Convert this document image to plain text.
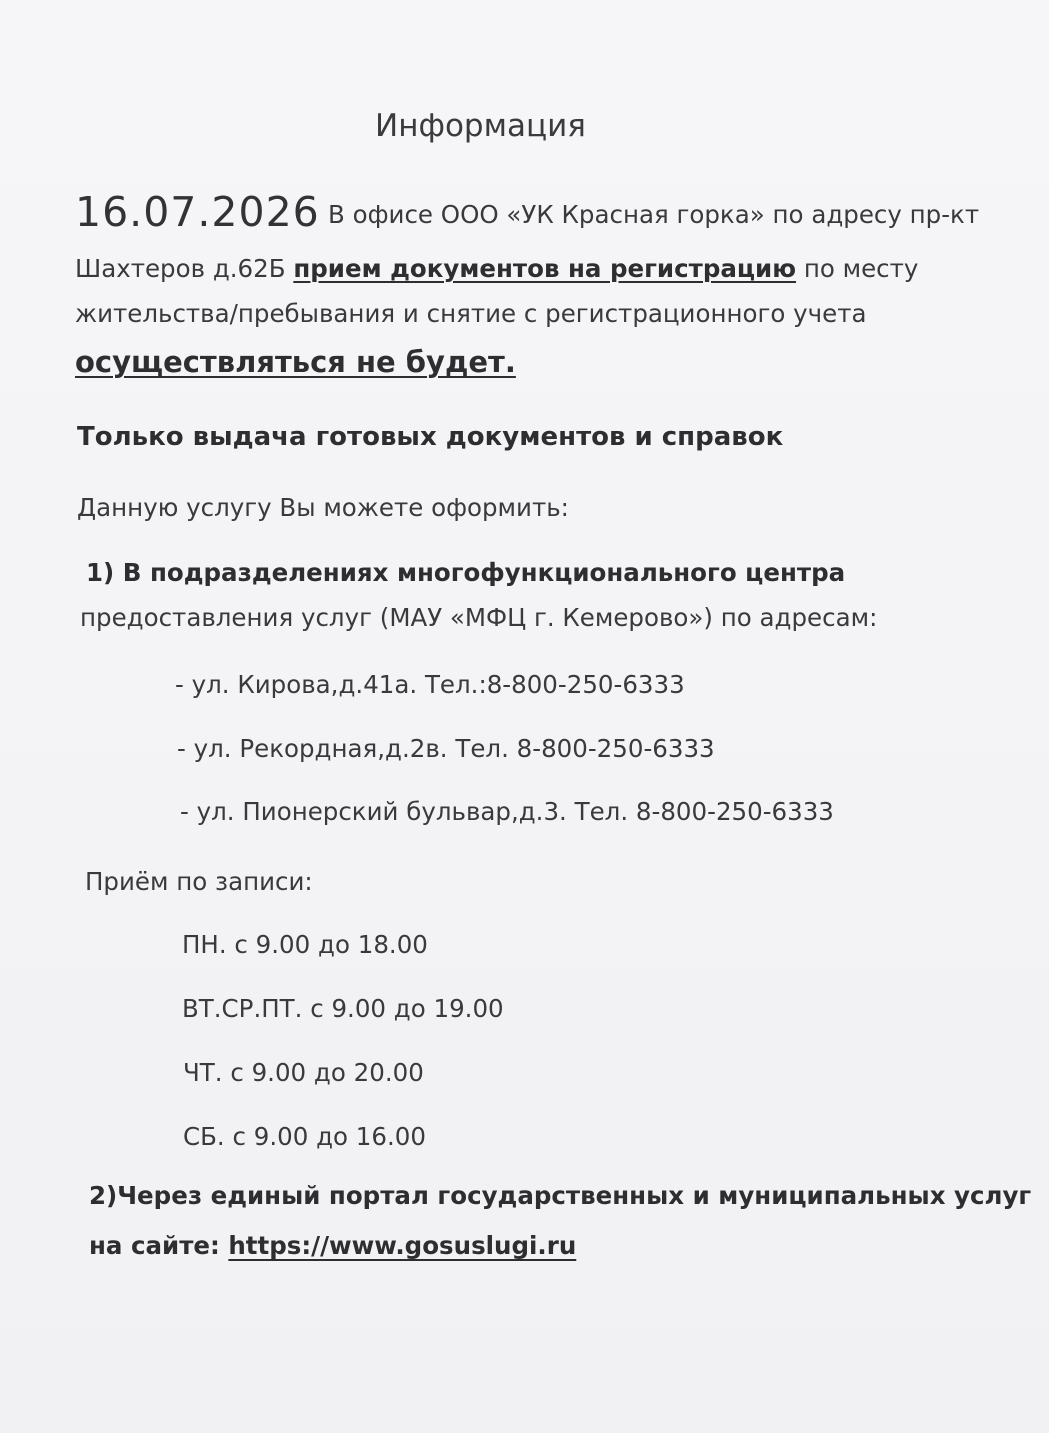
Информация
16.07.2026 В офисе ООО «УК Красная горка» по адресу пр-кт
Шахтеров д.62Б прием документов на регистрацию по месту
жительства/пребывания и снятие с регистрационного учета
осуществляться не будет.
Только выдача готовых документов и справок
Данную услугу Вы можете оформить:
1) В подразделениях многофункционального центра
предоставления услуг (МАУ «МФЦ г. Кемерово») по адресам:
- ул. Кирова,д.41а. Тел.:8-800-250-6333
- ул. Рекордная,д.2в. Тел. 8-800-250-6333
- ул. Пионерский бульвар,д.3. Тел. 8-800-250-6333
Приём по записи:
ПН. с 9.00 до 18.00
ВТ.СР.ПТ. с 9.00 до 19.00
ЧТ. с 9.00 до 20.00
СБ. с 9.00 до 16.00
2)Через единый портал государственных и муниципальных услуг
на сайте: https://www.gosuslugi.ru
